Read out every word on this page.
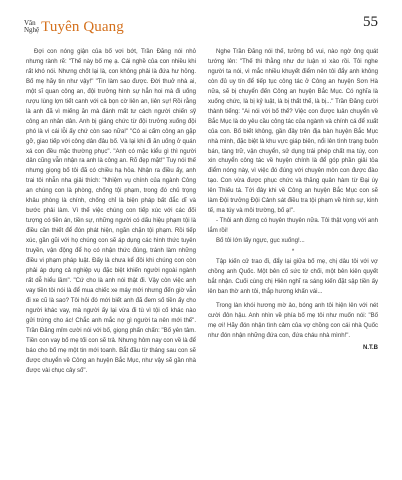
Văn
Nghệ Tuyên Quang	55

Đợi con nóng giận của bố vơi bớt, Trần Đăng nói nhỏ nhưng rành rẽ: "Thế này bố mẹ ạ. Cái nghề của con nhiều khi rất khó nói. Nhưng chốt lại là, con không phải là đứa hư hỏng. Bố mẹ hãy tin như vậy!" "Tin làm sao được. Đời thuở nhà ai, một sĩ quan công an, đội trưởng hình sự hẳn hoi mà đi uống rượu lùng lợn tiết canh với cả bọn cờ liên an, liên sự! Rồi rằng là anh đã vì miếng ăn mà đánh mất tư cách người chiến sỹ công an nhân dân. Anh bị giáng chức từ đội trưởng xuống đội phó là vì cái lỗi ấy chứ còn sao nữa!" "Có ai cấm công an gặp gỡ, giao tiếp với công dân đâu bố. Và lại khi đi ăn uống ở quán xá con đều mặc thường phục". "Anh có mặc kiểu gì thì người dân cũng vẫn nhận ra anh là công an. Rõ đẹp mặt!" Tuy nói thế nhưng giọng bố tôi đã có chiều hạ hỏa. Nhận ra điều ấy, anh trai tôi nhẫn nha giải thích: "Nhiệm vụ chính của ngành Công an chúng con là phòng, chống tội phạm, trong đó chủ trọng khâu phòng là chính, chống chỉ là biện pháp bất đắc dĩ và bước phải làm. Vì thế việc chúng con tiếp xúc với các đối tượng có tiền án, tiền sự, những người có dấu hiệu phạm tội là điều cần thiết để đón phát hiện, ngăn chặn tội phạm. Rồi tiếp xúc, gần gũi với họ chúng con sẽ áp dụng các hình thức tuyên truyền, vận động để họ có nhận thức đúng, tránh làm những điều vi phạm pháp luật. Đấy là chưa kể đôi khi chúng con còn phải áp dụng cả nghiệp vụ đặc biệt khiến người ngoài ngành rất dễ hiểu lầm". "Cứ cho là anh nói thật đi. Vậy còn việc anh vay tiền tôi nói là để mua chiếc xe máy mới nhưng đến giờ vẫn đi xe cũ là sao? Tôi hỏi đó mới biết anh đã đem số tiền ấy cho người khác vay, mà người ấy lại vừa đi tù vì tội cố khác nào gửi trứng cho ác! Chắc anh mắc nợ gì người ta nên mới thế". Trần Đăng mỉm cười nói với bố, giọng phấn chấn: "Bố yên tâm. Tiền con vay bố mẹ tối con sẽ trả. Nhưng hôm nay con về là để báo cho bố mẹ một tin mới toanh. Bắt đầu từ tháng sau con sẽ được chuyển về Công an huyện Bắc Mục, như vậy sẽ gần nhà được vài chục cây số".

Nghe Trần Đăng nói thế, tưởng bố vui, nào ngờ ông quát tướng lên: "Thế thì thằng như dư luận xì xào rồi. Tôi nghe người ta nói, vì mắc nhiều khuyết điểm nên tôi đẩy anh không còn đủ uy tín để tiếp tục công tác ở Công an huyện Sơn Hà nữa, sẽ bị chuyển đến Công an huyện Bắc Mục. Có nghĩa là xuống chức, là bị kỷ luật, là bị thất thế, là bị..." Trần Đăng cười thành tiếng: "Ai nói với bố thế? Việc con được luân chuyển về Bắc Mục là do yêu cầu công tác của ngành và chính cá để xuất của con. Bố biết không, gần đây trên địa bàn huyện Bắc Mục nhà mình, đặc biệt là khu vực giáp biên, nổi lên tình trạng buôn bán, tàng trữ, vận chuyển, sử dụng trái phép chất ma túy, con xin chuyển công tác về huyện chính là để góp phần giải tỏa điểm nóng này, vì việc đó đúng với chuyên môn con được đào tạo. Con vừa được phục chức và thăng quân hàm từ Đại úy lên Thiếu tá. Tới đây khi về Công an huyện Bắc Mục con sẽ làm Đội trưởng Đội Cảnh sát điều tra tội phạm về hình sự, kinh tế, ma túy và môi trường, bố ạ!".

- Thôi anh đừng có huyên thuyên nữa. Tôi thật vọng với anh lắm rồi!

Bố tôi lớn lấy ngực, gục xuống!...

*

Tập kiến cử trao đi, đẩy lại giữa bố mẹ, chị dâu tôi với vợ chồng anh Quốc. Một bên cố sức từ chối, một bên kiên quyết bắt nhận. Cuối cùng chị Hiên nghĩ ra sáng kiến đặt sập tiền ấy lên ban thờ anh tôi, thắp hương khấn vái...

Trong làn khói hương mờ ảo, bóng anh tôi hiện lên với nét cười đôn hậu. Anh nhìn về phía bố mẹ tôi như muốn nói: "Bố mẹ ơi! Hãy đón nhận tình cảm của vợ chồng con cái nhà Quốc như đón nhận những đứa con, đứa cháu nhà mình!".

N.T.B
